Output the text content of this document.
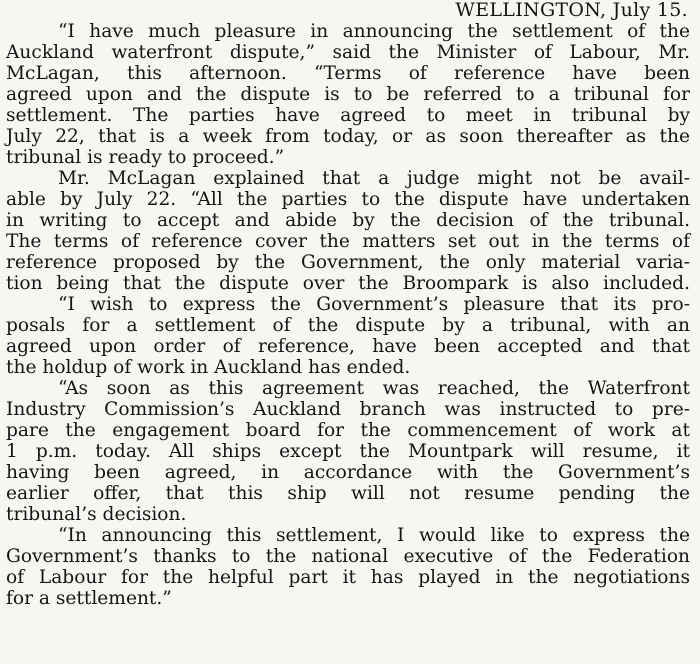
WELLINGTON, July 15.
“I have much pleasure in announcing the settlement of the
Auckland waterfront dispute,” said the Minister of Labour, Mr.
McLagan, this afternoon. “Terms of reference have been
agreed upon and the dispute is to be referred to a tribunal for
settlement. The parties have agreed to meet in tribunal by
July 22, that is a week from today, or as soon thereafter as the
tribunal is ready to proceed.”
Mr. McLagan explained that a judge might not be avail-
able by July 22. “All the parties to the dispute have undertaken
in writing to accept and abide by the decision of the tribunal.
The terms of reference cover the matters set out in the terms of
reference proposed by the Government, the only material varia-
tion being that the dispute over the Broompark is also included.
“I wish to express the Government’s pleasure that its pro-
posals for a settlement of the dispute by a tribunal, with an
agreed upon order of reference, have been accepted and that
the holdup of work in Auckland has ended.
“As soon as this agreement was reached, the Waterfront
Industry Commission’s Auckland branch was instructed to pre-
pare the engagement board for the commencement of work at
1 p.m. today. All ships except the Mountpark will resume, it
having been agreed, in accordance with the Government’s
earlier offer, that this ship will not resume pending the
tribunal’s decision.
“In announcing this settlement, I would like to express the
Government’s thanks to the national executive of the Federation
of Labour for the helpful part it has played in the negotiations
for a settlement.”
